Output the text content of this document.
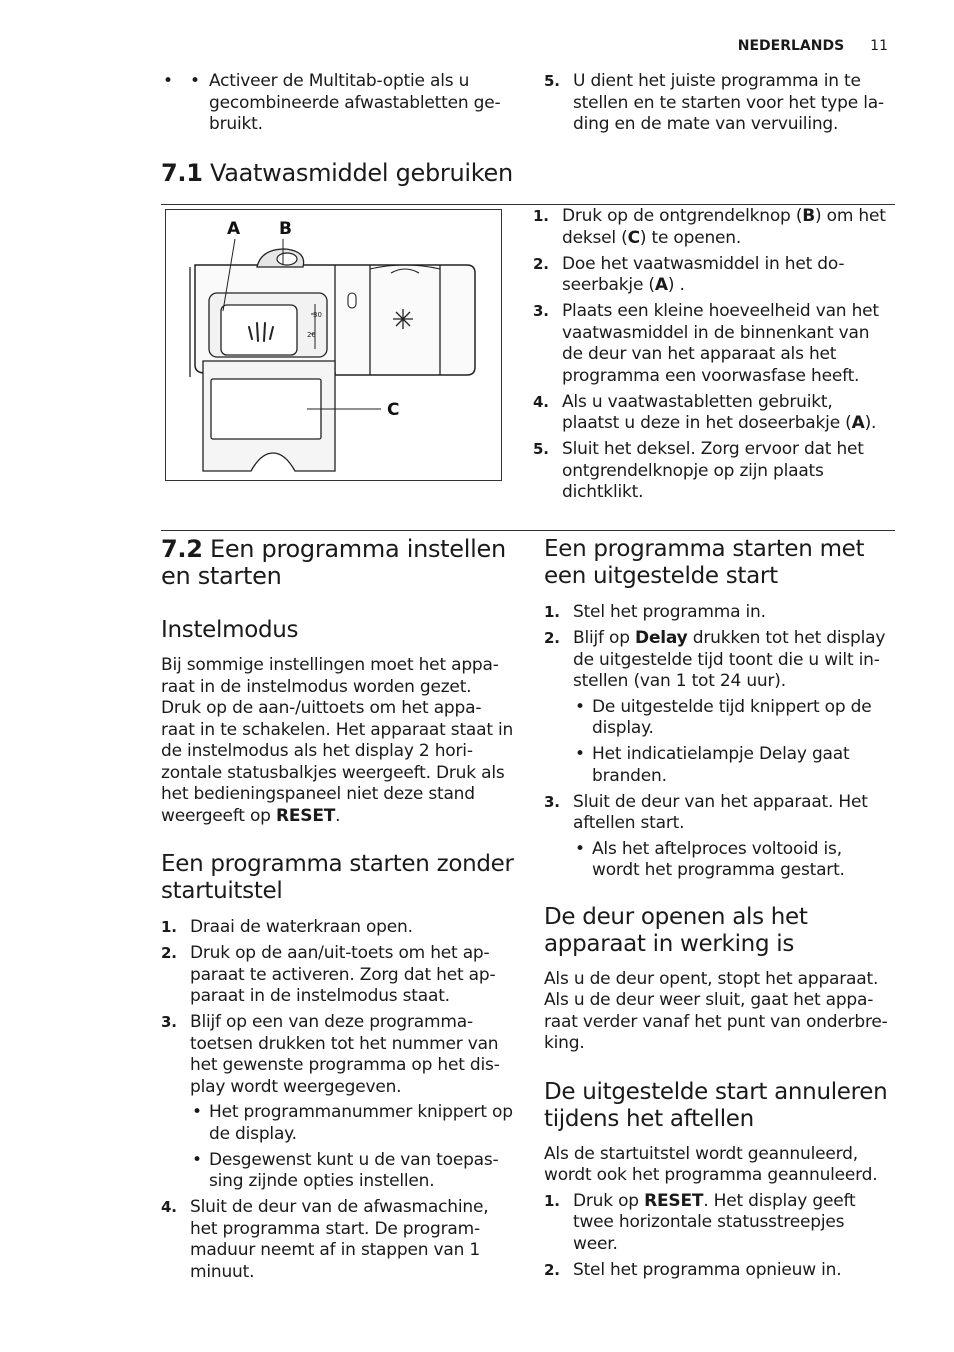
NEDERLANDS 11
• • Activeer de Multitab-optie als u gecombineerde afwastabletten ge- bruikt.
5. U dient het juiste programma in te stellen en te starten voor het type la- ding en de mate van vervuiling.
7.1 Vaatwasmiddel gebruiken
30
20
A B
C
1. Druk op de ontgrendelknop (B) om het deksel (C) te openen.
2. Doe het vaatwasmiddel in het do- seerbakje (A) .
3. Plaats een kleine hoeveelheid van het vaatwasmiddel in de binnenkant van de deur van het apparaat als het programma een voorwasfase heeft.
4. Als u vaatwastabletten gebruikt, plaatst u deze in het doseerbakje (A).
5. Sluit het deksel. Zorg ervoor dat het ontgrendelknopje op zijn plaats dichtklikt.
7.2 Een programma instellen en starten
Instelmodus

Bij sommige instellingen moet het appa- raat in de instelmodus worden gezet. Druk op de aan-/uittoets om het appa- raat in te schakelen. Het apparaat staat in de instelmodus als het display 2 hori- zontale statusbalkjes weergeeft. Druk als het bedieningspaneel niet deze stand weergeeft op RESET.

Een programma starten zonder startuitstel
1. Draai de waterkraan open.
2. Druk op de aan/uit-toets om het ap- paraat te activeren. Zorg dat het ap- paraat in de instelmodus staat.
3. Blijf op een van deze programma- toetsen drukken tot het nummer van het gewenste programma op het dis- play wordt weergegeven.
• Het programmanummer knippert op de display.
• Desgewenst kunt u de van toepas- sing zijnde opties instellen.
4. Sluit de deur van de afwasmachine, het programma start. De program- maduur neemt af in stappen van 1 minuut.
Een programma starten met een uitgestelde start
1. Stel het programma in.
2. Blijf op Delay drukken tot het display de uitgestelde tijd toont die u wilt in- stellen (van 1 tot 24 uur).
• De uitgestelde tijd knippert op de display.
• Het indicatielampje Delay gaat branden.
3. Sluit de deur van het apparaat. Het aftellen start.
• Als het aftelproces voltooid is, wordt het programma gestart.
De deur openen als het apparaat in werking is

Als u de deur opent, stopt het apparaat. Als u de deur weer sluit, gaat het appa- raat verder vanaf het punt van onderbre- king.

De uitgestelde start annuleren tijdens het aftellen

Als de startuitstel wordt geannuleerd, wordt ook het programma geannuleerd.

1. Druk op RESET. Het display geeft twee horizontale statusstreepjes weer.
2. Stel het programma opnieuw in.
